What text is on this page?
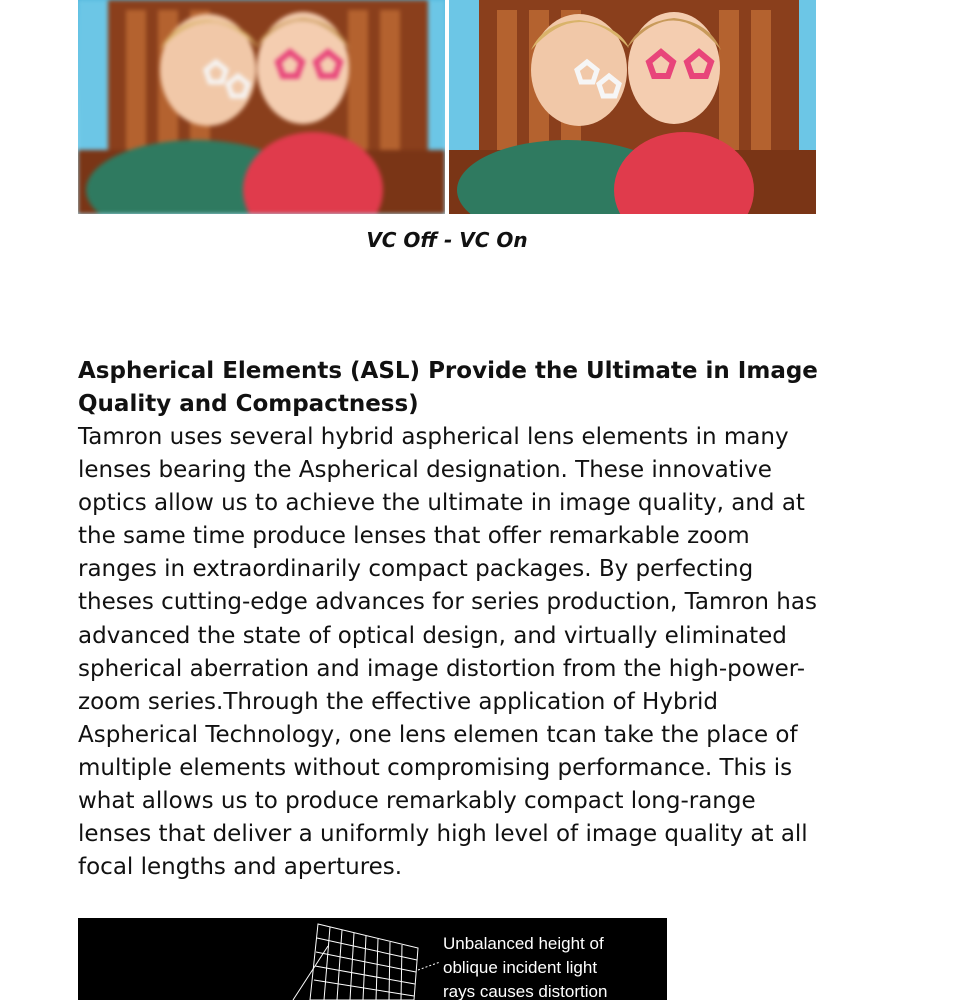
VC Off - VC On
Aspherical Elements (ASL) Provide the Ultimate in Image Quality and Compactness)

Tamron uses several hybrid aspherical lens elements in many lenses bearing the Aspherical designation. These innovative optics allow us to achieve the ultimate in image quality, and at the same time produce lenses that offer remarkable zoom ranges in extraordinarily compact packages. By perfecting theses cutting-edge advances for series production, Tamron has advanced the state of optical design, and virtually eliminated spherical aberration and image distortion from the high-power-zoom series.Through the effective application of Hybrid Aspherical Technology, one lens elemen tcan take the place of multiple elements without compromising performance. This is what allows us to produce remarkably compact long-range lenses that deliver a uniformly high level of image quality at all focal lengths and apertures.

Unbalanced height of
oblique incident light
rays causes distortion
